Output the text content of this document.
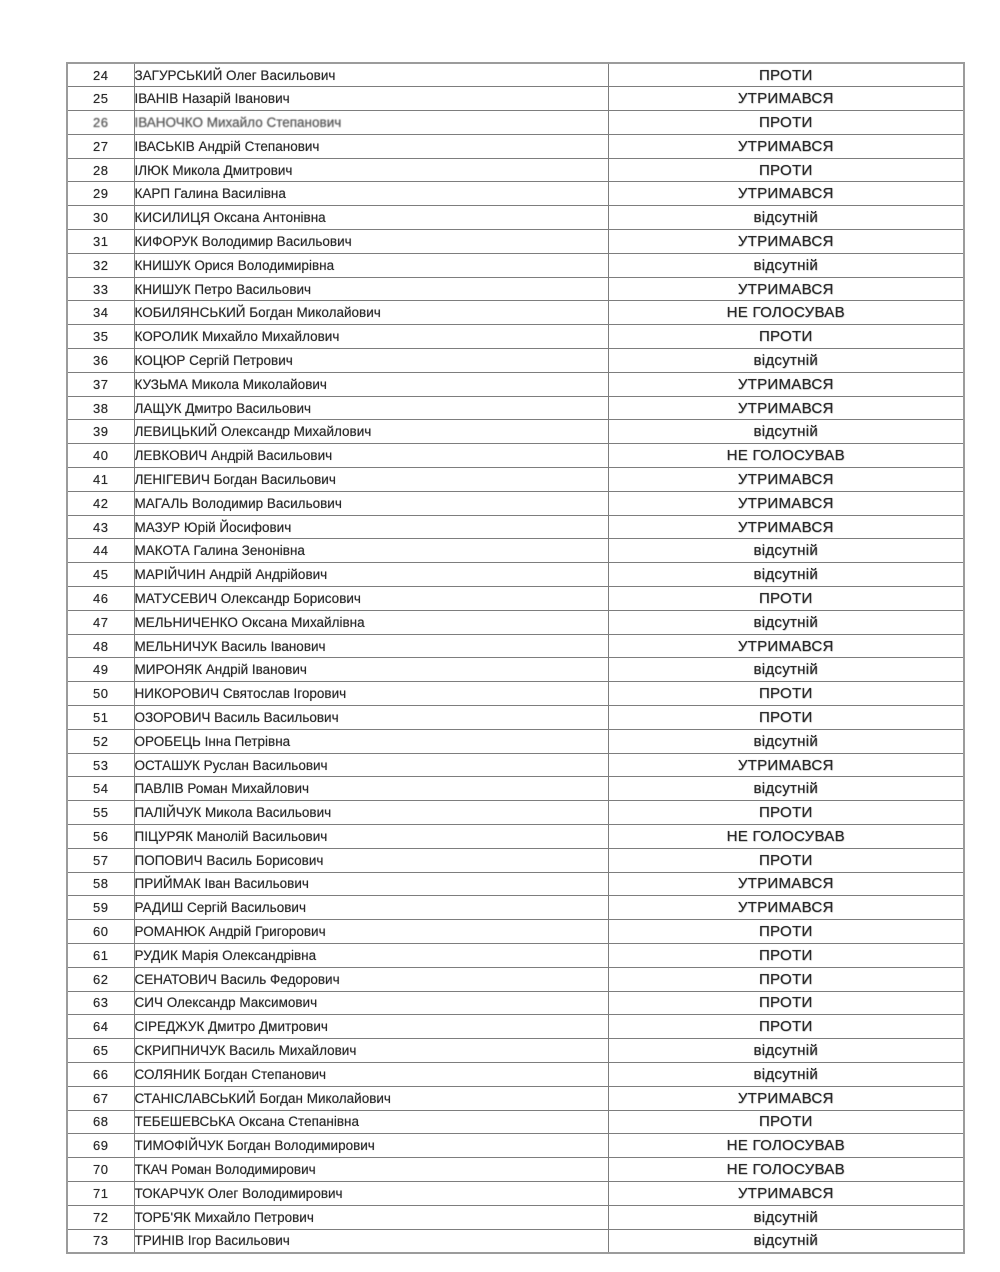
24	ЗАГУРСЬКИЙ Олег Васильович	ПРОТИ
25	ІВАНІВ Назарій Іванович	УТРИМАВСЯ
26	ІВАНОЧКО Михайло Степанович	ПРОТИ
27	ІВАСЬКІВ Андрій Степанович	УТРИМАВСЯ
28	ІЛЮК Микола Дмитрович	ПРОТИ
29	КАРП Галина Василівна	УТРИМАВСЯ
30	КИСИЛИЦЯ Оксана Антонівна	відсутній
31	КИФОРУК Володимир Васильович	УТРИМАВСЯ
32	КНИШУК Орися Володимирівна	відсутній
33	КНИШУК Петро Васильович	УТРИМАВСЯ
34	КОБИЛЯНСЬКИЙ Богдан Миколайович	НЕ ГОЛОСУВАВ
35	КОРОЛИК Михайло Михайлович	ПРОТИ
36	КОЦЮР Сергій Петрович	відсутній
37	КУЗЬМА Микола Миколайович	УТРИМАВСЯ
38	ЛАЩУК Дмитро Васильович	УТРИМАВСЯ
39	ЛЕВИЦЬКИЙ Олександр Михайлович	відсутній
40	ЛЕВКОВИЧ Андрій Васильович	НЕ ГОЛОСУВАВ
41	ЛЕНІГЕВИЧ Богдан Васильович	УТРИМАВСЯ
42	МАГАЛЬ Володимир Васильович	УТРИМАВСЯ
43	МАЗУР Юрій Йосифович	УТРИМАВСЯ
44	МАКОТА Галина Зенонівна	відсутній
45	МАРІЙЧИН Андрій Андрійович	відсутній
46	МАТУСЕВИЧ Олександр Борисович	ПРОТИ
47	МЕЛЬНИЧЕНКО Оксана Михайлівна	відсутній
48	МЕЛЬНИЧУК Василь Іванович	УТРИМАВСЯ
49	МИРОНЯК Андрій Іванович	відсутній
50	НИКОРОВИЧ Святослав Ігорович	ПРОТИ
51	ОЗОРОВИЧ Василь Васильович	ПРОТИ
52	ОРОБЕЦЬ Інна Петрівна	відсутній
53	ОСТАШУК Руслан Васильович	УТРИМАВСЯ
54	ПАВЛІВ Роман Михайлович	відсутній
55	ПАЛІЙЧУК Микола Васильович	ПРОТИ
56	ПІЦУРЯК Манолій Васильович	НЕ ГОЛОСУВАВ
57	ПОПОВИЧ Василь Борисович	ПРОТИ
58	ПРИЙМАК Іван Васильович	УТРИМАВСЯ
59	РАДИШ Сергій Васильович	УТРИМАВСЯ
60	РОМАНЮК Андрій Григорович	ПРОТИ
61	РУДИК Марія Олександрівна	ПРОТИ
62	СЕНАТОВИЧ Василь Федорович	ПРОТИ
63	СИЧ Олександр Максимович	ПРОТИ
64	СІРЕДЖУК Дмитро Дмитрович	ПРОТИ
65	СКРИПНИЧУК Василь Михайлович	відсутній
66	СОЛЯНИК Богдан Степанович	відсутній
67	СТАНІСЛАВСЬКИЙ Богдан Миколайович	УТРИМАВСЯ
68	ТЕБЕШЕВСЬКА Оксана Степанівна	ПРОТИ
69	ТИМОФІЙЧУК Богдан Володимирович	НЕ ГОЛОСУВАВ
70	ТКАЧ Роман Володимирович	НЕ ГОЛОСУВАВ
71	ТОКАРЧУК Олег Володимирович	УТРИМАВСЯ
72	ТОРБ'ЯК Михайло Петрович	відсутній
73	ТРИНІВ Ігор Васильович	відсутній
